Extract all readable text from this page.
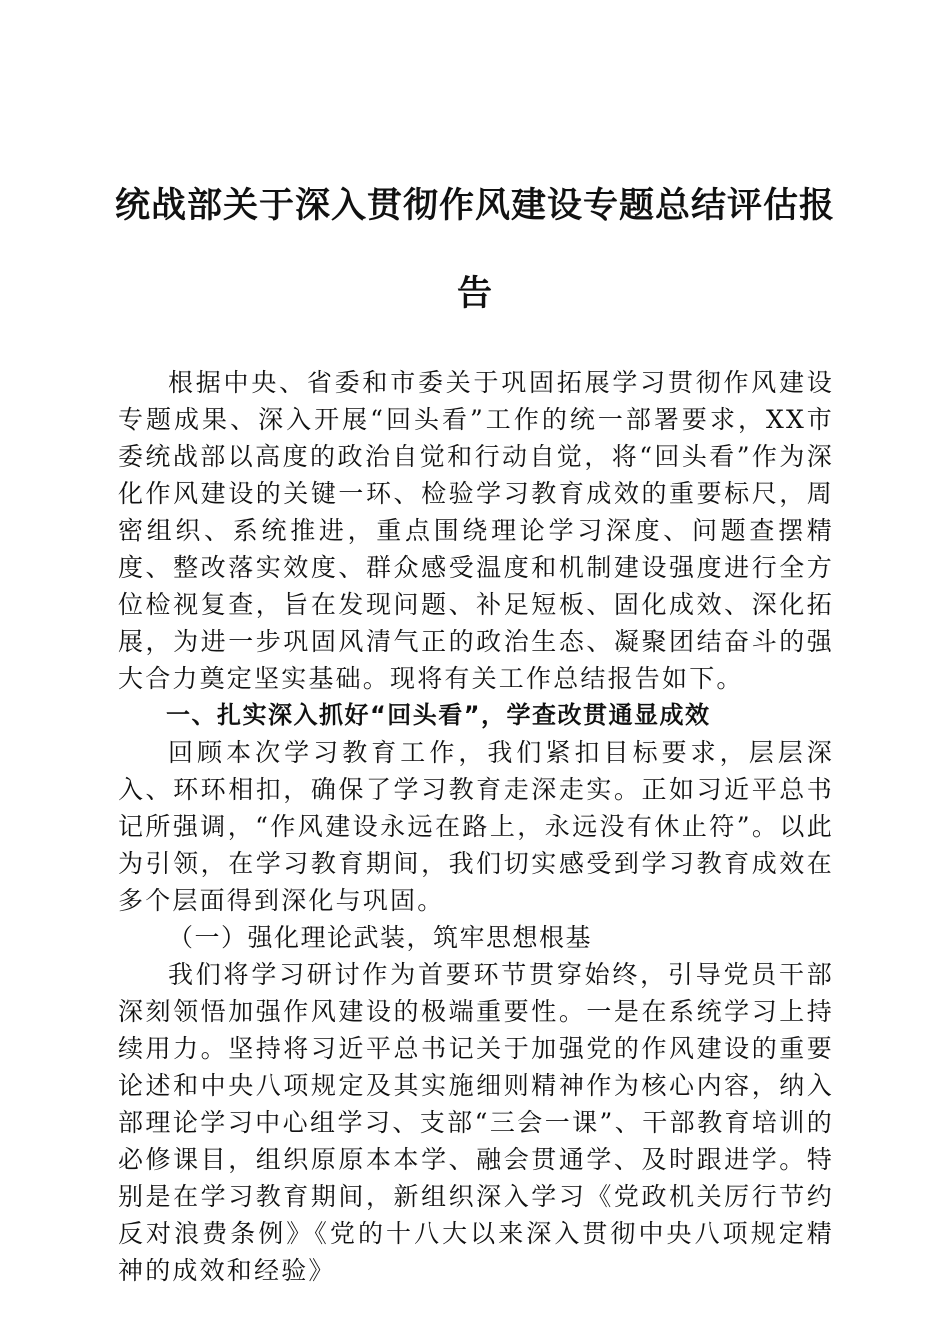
统战部关于深入贯彻作风建设专题总结评估报告

根据中央、省委和市委关于巩固拓展学习贯彻作风建设专题成果、深入开展“回头看”工作的统一部署要求，XX市委统战部以高度的政治自觉和行动自觉，将“回头看”作为深化作风建设的关键一环、检验学习教育成效的重要标尺，周密组织、系统推进，重点围绕理论学习深度、问题查摆精度、整改落实效度、群众感受温度和机制建设强度进行全方位检视复查，旨在发现问题、补足短板、固化成效、深化拓展，为进一步巩固风清气正的政治生态、凝聚团结奋斗的强大合力奠定坚实基础。现将有关工作总结报告如下。

一、扎实深入抓好“回头看”，学查改贯通显成效

回顾本次学习教育工作，我们紧扣目标要求，层层深入、环环相扣，确保了学习教育走深走实。正如习近平总书记所强调，“作风建设永远在路上，永远没有休止符”。以此为引领，在学习教育期间，我们切实感受到学习教育成效在多个层面得到深化与巩固。

（一）强化理论武装，筑牢思想根基

我们将学习研讨作为首要环节贯穿始终，引导党员干部深刻领悟加强作风建设的极端重要性。一是在系统学习上持续用力。坚持将习近平总书记关于加强党的作风建设的重要论述和中央八项规定及其实施细则精神作为核心内容，纳入部理论学习中心组学习、支部“三会一课”、干部教育培训的必修课目，组织原原本本学、融会贯通学、及时跟进学。特别是在学习教育期间，新组织深入学习《党政机关厉行节约反对浪费条例》《党的十八大以来深入贯彻中央八项规定精神的成效和经验》
